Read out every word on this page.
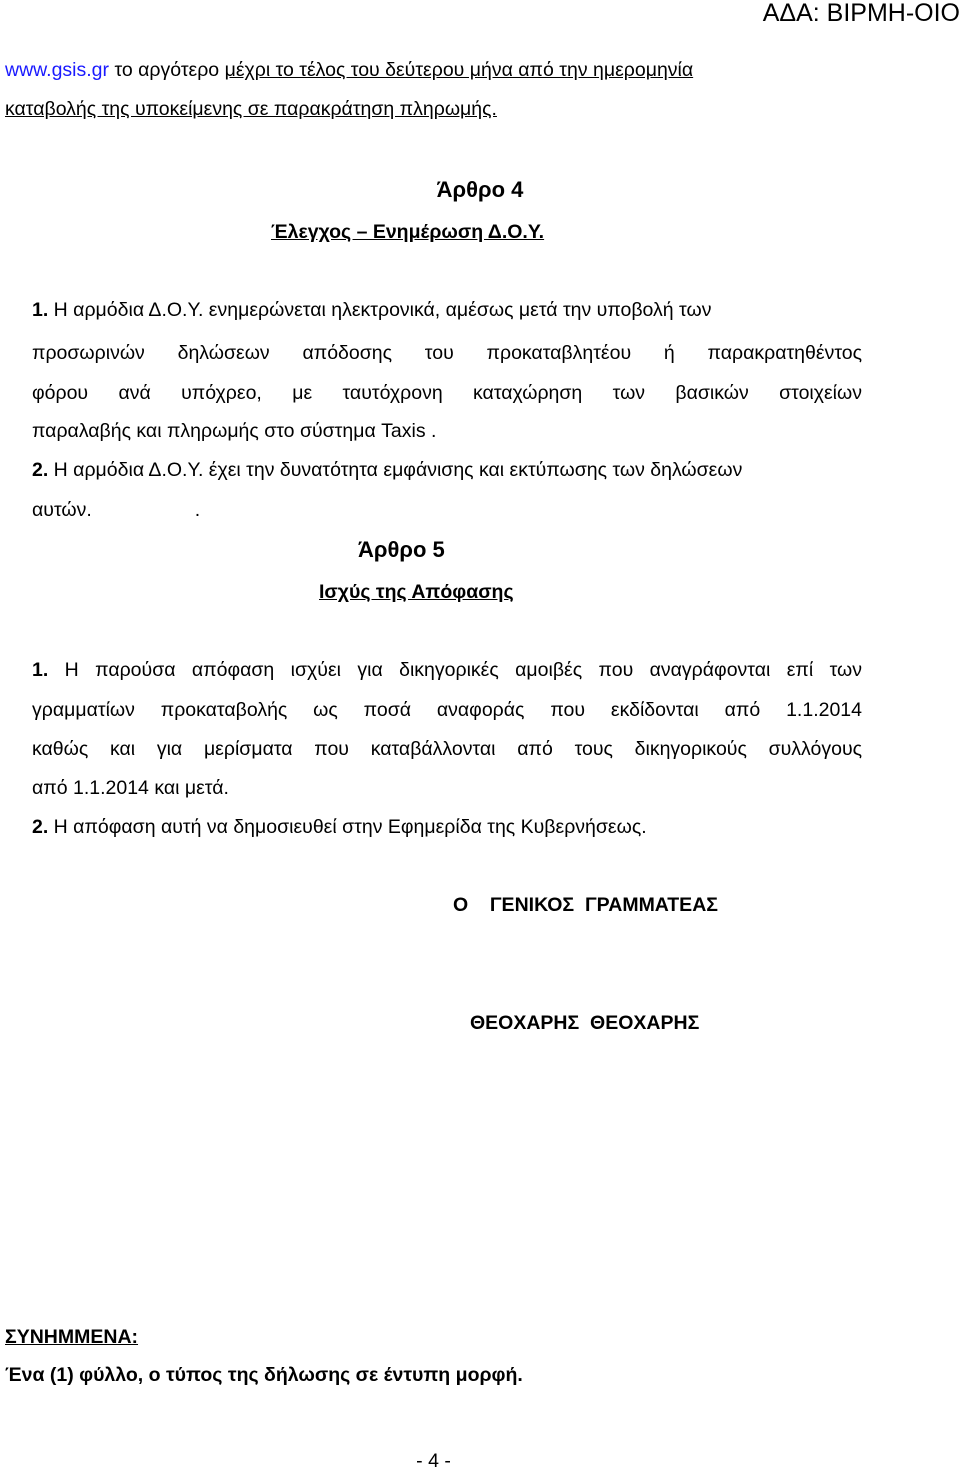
ΑΔΑ: ΒΙΡΜΗ-ΟΙΟ
www.gsis.gr το αργότερο μέχρι το τέλος του δεύτερου μήνα από την ημερομηνία
καταβολής της υποκείμενης σε παρακράτηση πληρωμής.
Άρθρο 4
Έλεγχος – Ενημέρωση Δ.Ο.Υ.
1. Η αρμόδια Δ.Ο.Υ. ενημερώνεται ηλεκτρονικά, αμέσως μετά την υποβολή των
προσωρινών δηλώσεων απόδοσης του προκαταβλητέου ή παρακρατηθέντος
φόρου ανά υπόχρεο, με ταυτόχρονη καταχώρηση των βασικών στοιχείων
παραλαβής και πληρωμής στο σύστημα Taxis .
2. Η αρμόδια Δ.Ο.Υ. έχει την δυνατότητα εμφάνισης και εκτύπωσης των δηλώσεων
αυτών.                   .
Άρθρο 5
Ισχύς της Απόφασης
1. Η παρούσα απόφαση ισχύει για δικηγορικές αμοιβές που αναγράφονται επί των
γραμματίων προκαταβολής ως ποσά αναφοράς που εκδίδονται από 1.1.2014
καθώς και για μερίσματα που καταβάλλονται από τους δικηγορικούς συλλόγους
από 1.1.2014 και μετά.
2. Η απόφαση αυτή να δημοσιευθεί στην Εφημερίδα της Κυβερνήσεως.
Ο    ΓΕΝΙΚΟΣ  ΓΡΑΜΜΑΤΕΑΣ
ΘΕΟΧΑΡΗΣ  ΘΕΟΧΑΡΗΣ
ΣΥΝΗΜΜΕΝΑ:
Ένα (1) φύλλο, ο τύπος της δήλωσης σε έντυπη μορφή.
- 4 -
